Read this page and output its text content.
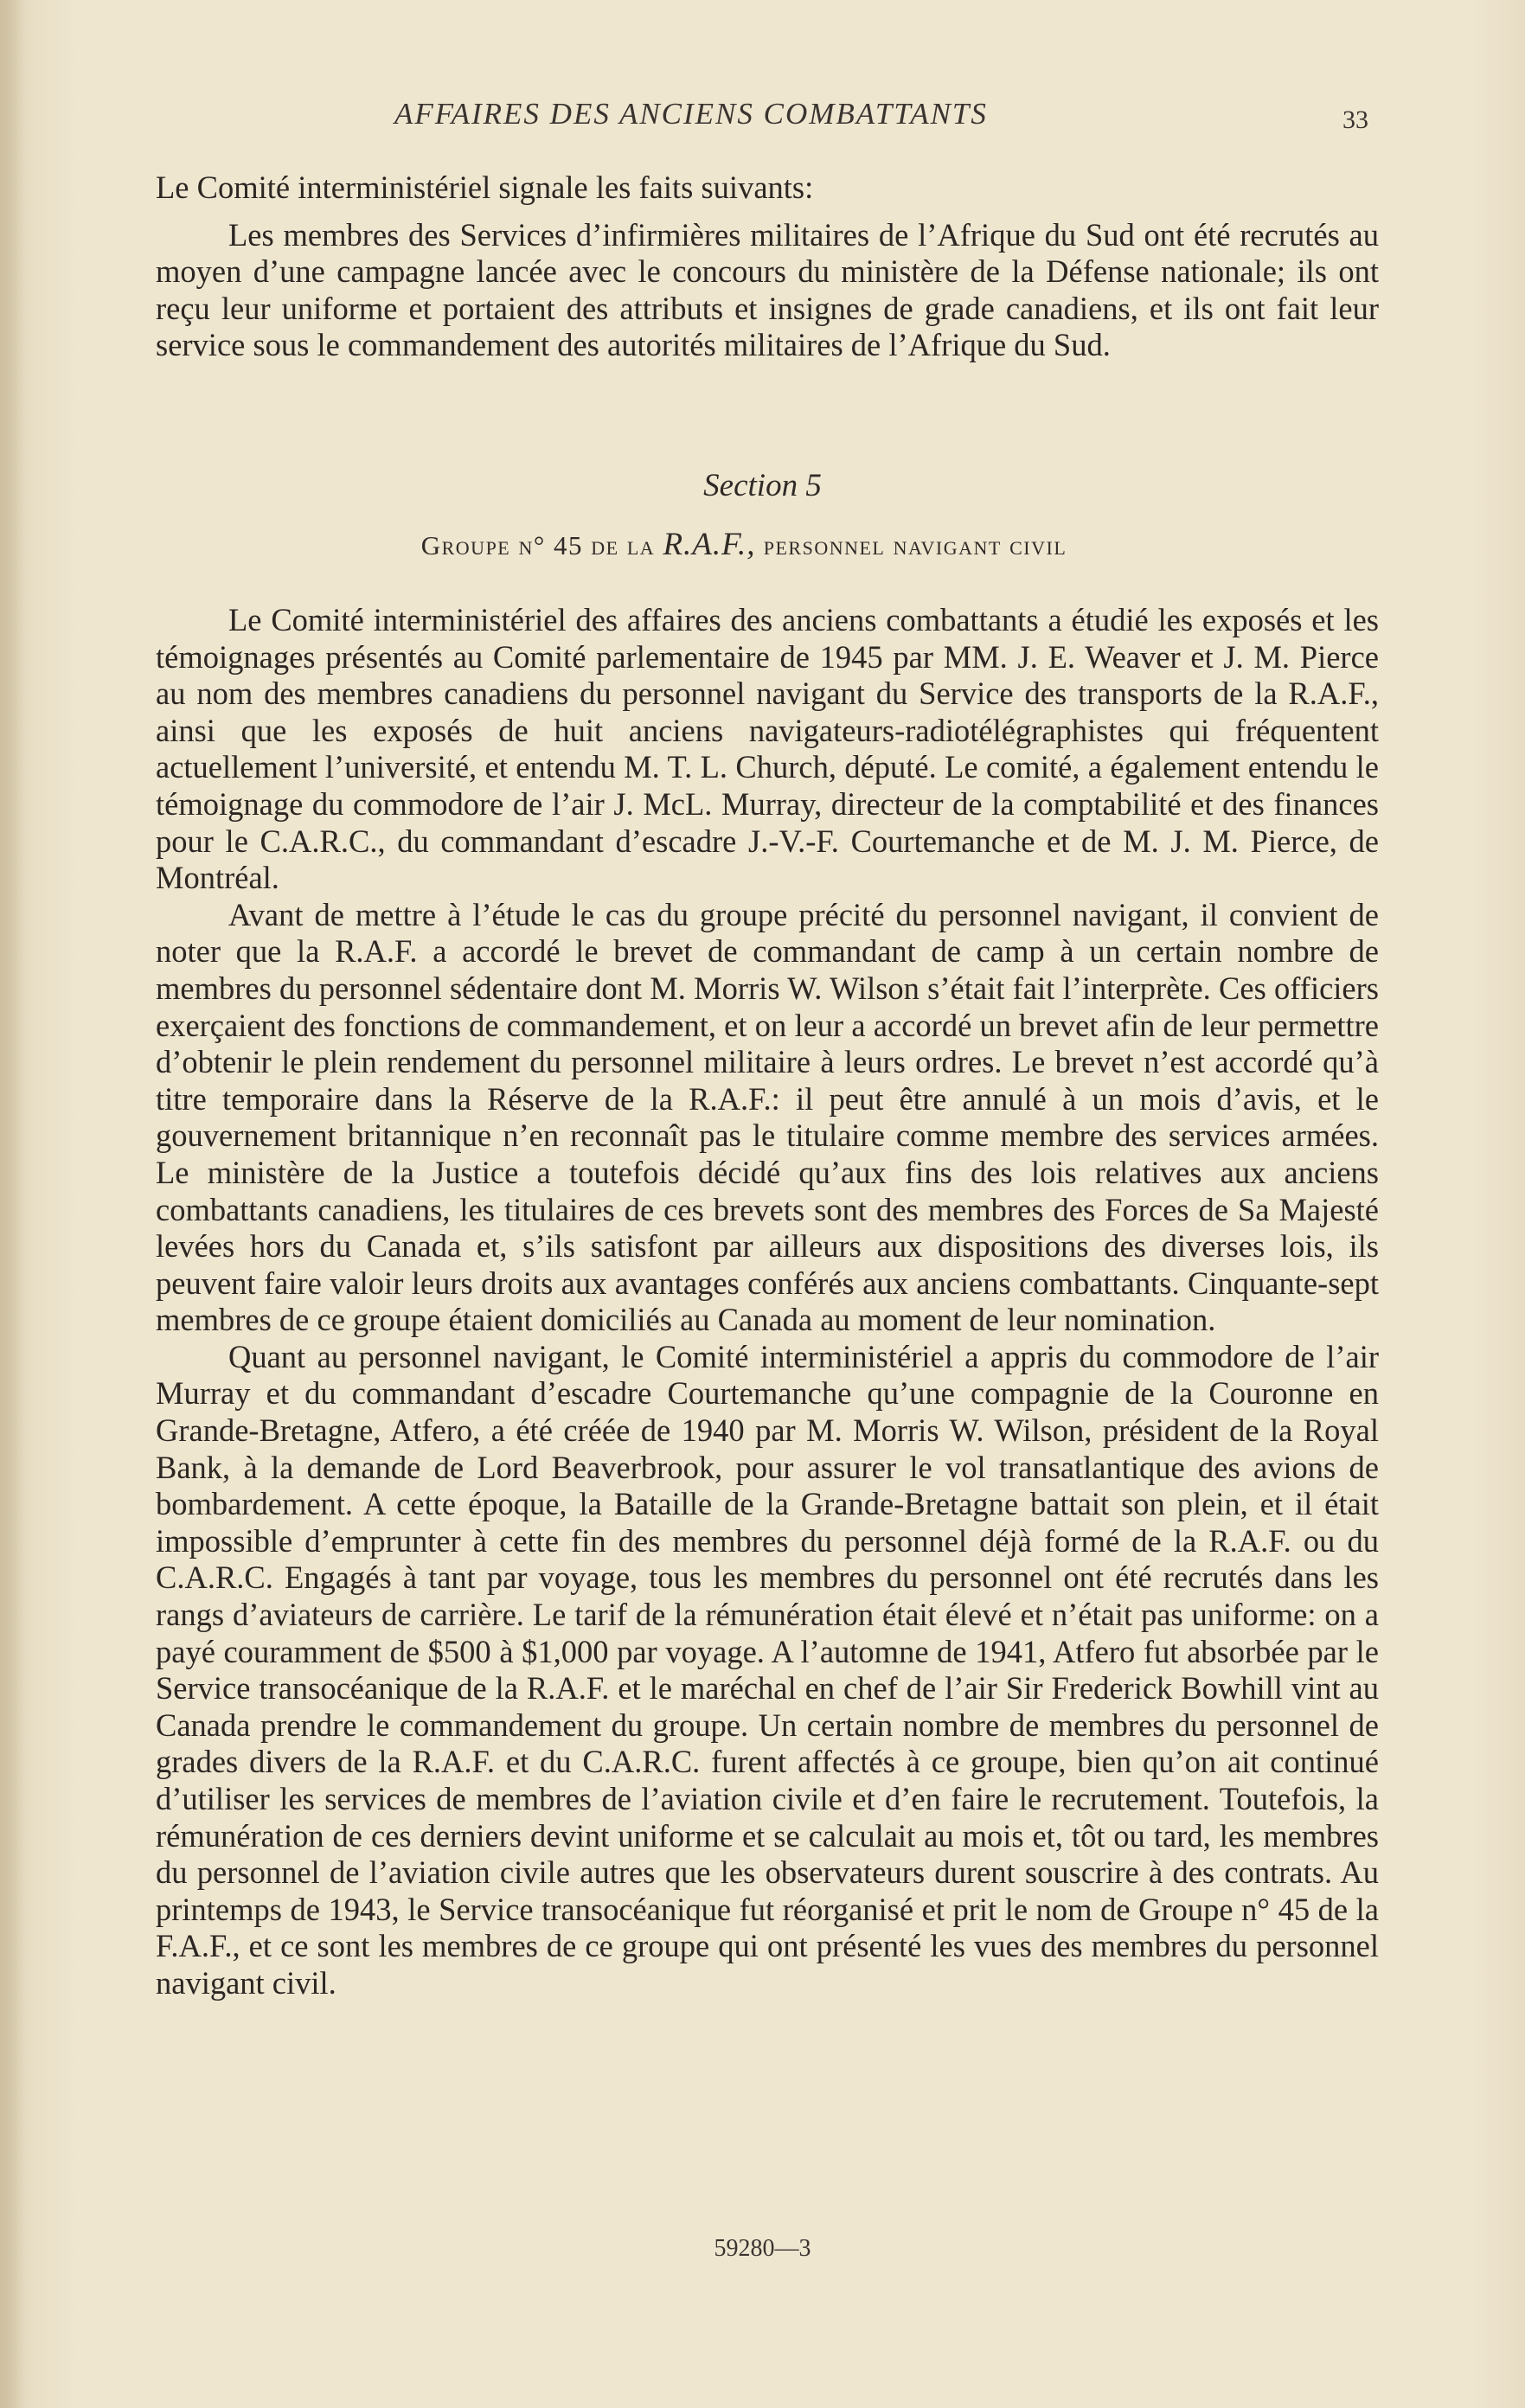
AFFAIRES DES ANCIENS COMBATTANTS	33

Le Comité interministériel signale les faits suivants:

Les membres des Services d’infirmières militaires de l’Afrique du Sud ont été recrutés au moyen d’une campagne lancée avec le concours du ministère de la Défense nationale; ils ont reçu leur uniforme et portaient des attributs et insignes de grade canadiens, et ils ont fait leur service sous le commandement des autorités militaires de l’Afrique du Sud.

Section 5
Groupe n° 45 de la R.A.F., personnel navigant civil

Le Comité interministériel des affaires des anciens combattants a étudié les exposés et les témoignages présentés au Comité parlementaire de 1945 par MM. J. E. Weaver et J. M. Pierce au nom des membres canadiens du personnel navigant du Service des transports de la R.A.F., ainsi que les exposés de huit anciens navigateurs-radiotélégraphistes qui fréquentent actuellement l’université, et entendu M. T. L. Church, député. Le comité, a également entendu le témoignage du commodore de l’air J. McL. Murray, directeur de la comptabilité et des finances pour le C.A.R.C., du commandant d’escadre J.-V.-F. Courtemanche et de M. J. M. Pierce, de Montréal.

Avant de mettre à l’étude le cas du groupe précité du personnel navigant, il convient de noter que la R.A.F. a accordé le brevet de commandant de camp à un certain nombre de membres du personnel sédentaire dont M. Morris W. Wilson s’était fait l’interprète. Ces officiers exerçaient des fonctions de commandement, et on leur a accordé un brevet afin de leur permettre d’obtenir le plein rendement du personnel militaire à leurs ordres. Le brevet n’est accordé qu’à titre temporaire dans la Réserve de la R.A.F.: il peut être annulé à un mois d’avis, et le gouvernement britannique n’en reconnaît pas le titulaire comme membre des services armées. Le ministère de la Justice a toutefois décidé qu’aux fins des lois relatives aux anciens combattants canadiens, les titulaires de ces brevets sont des membres des Forces de Sa Majesté levées hors du Canada et, s’ils satisfont par ailleurs aux dispositions des diverses lois, ils peuvent faire valoir leurs droits aux avantages conférés aux anciens combattants. Cinquante-sept membres de ce groupe étaient domiciliés au Canada au moment de leur nomination.

Quant au personnel navigant, le Comité interministériel a appris du commodore de l’air Murray et du commandant d’escadre Courtemanche qu’une compagnie de la Couronne en Grande-Bretagne, Atfero, a été créée de 1940 par M. Morris W. Wilson, président de la Royal Bank, à la demande de Lord Beaverbrook, pour assurer le vol transatlantique des avions de bombardement. A cette époque, la Bataille de la Grande-Bretagne battait son plein, et il était impossible d’emprunter à cette fin des membres du personnel déjà formé de la R.A.F. ou du C.A.R.C. Engagés à tant par voyage, tous les membres du personnel ont été recrutés dans les rangs d’aviateurs de carrière. Le tarif de la rémunération était élevé et n’était pas uniforme: on a payé couramment de $500 à $1,000 par voyage. A l’automne de 1941, Atfero fut absorbée par le Service transocéanique de la R.A.F. et le maréchal en chef de l’air Sir Frederick Bowhill vint au Canada prendre le commandement du groupe. Un certain nombre de membres du personnel de grades divers de la R.A.F. et du C.A.R.C. furent affectés à ce groupe, bien qu’on ait continué d’utiliser les services de membres de l’aviation civile et d’en faire le recrutement. Toutefois, la rémunération de ces derniers devint uniforme et se calculait au mois et, tôt ou tard, les membres du personnel de l’aviation civile autres que les observateurs durent souscrire à des contrats. Au printemps de 1943, le Service transocéanique fut réorganisé et prit le nom de Groupe n° 45 de la F.A.F., et ce sont les membres de ce groupe qui ont présenté les vues des membres du personnel navigant civil.

59280—3
